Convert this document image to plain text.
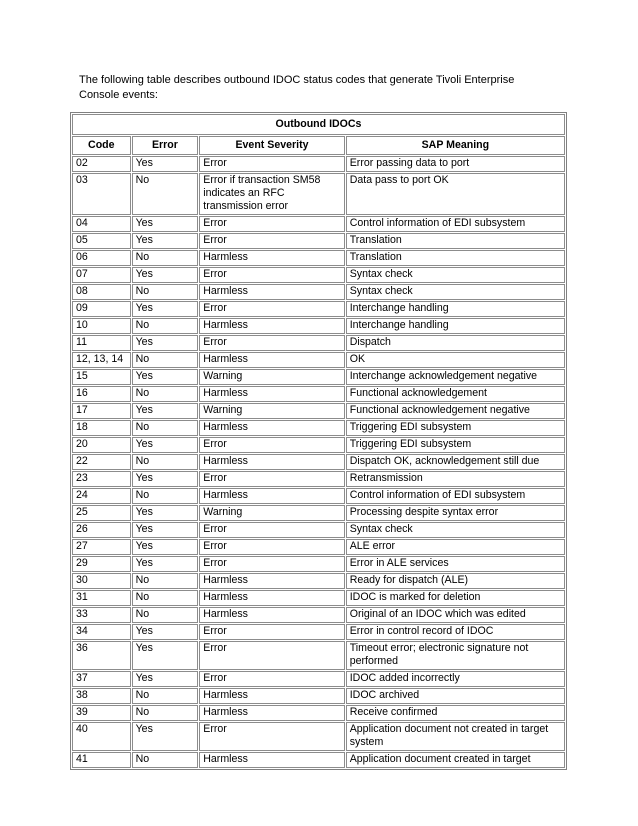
The following table describes outbound IDOC status codes that generate Tivoli Enterprise Console events:

Outbound IDOCs			
Code	Error	Event Severity	SAP Meaning
02	Yes	Error	Error passing data to port
03	No	Error if transaction SM58 indicates an RFC transmission error	Data pass to port OK
04	Yes	Error	Control information of EDI subsystem
05	Yes	Error	Translation
06	No	Harmless	Translation
07	Yes	Error	Syntax check
08	No	Harmless	Syntax check
09	Yes	Error	Interchange handling
10	No	Harmless	Interchange handling
11	Yes	Error	Dispatch
12, 13, 14	No	Harmless	OK
15	Yes	Warning	Interchange acknowledgement negative
16	No	Harmless	Functional acknowledgement
17	Yes	Warning	Functional acknowledgement negative
18	No	Harmless	Triggering EDI subsystem
20	Yes	Error	Triggering EDI subsystem
22	No	Harmless	Dispatch OK, acknowledgement still due
23	Yes	Error	Retransmission
24	No	Harmless	Control information of EDI subsystem
25	Yes	Warning	Processing despite syntax error
26	Yes	Error	Syntax check
27	Yes	Error	ALE error
29	Yes	Error	Error in ALE services
30	No	Harmless	Ready for dispatch (ALE)
31	No	Harmless	IDOC is marked for deletion
33	No	Harmless	Original of an IDOC which was edited
34	Yes	Error	Error in control record of IDOC
36	Yes	Error	Timeout error; electronic signature not performed
37	Yes	Error	IDOC added incorrectly
38	No	Harmless	IDOC archived
39	No	Harmless	Receive confirmed
40	Yes	Error	Application document not created in target system
41	No	Harmless	Application document created in target
